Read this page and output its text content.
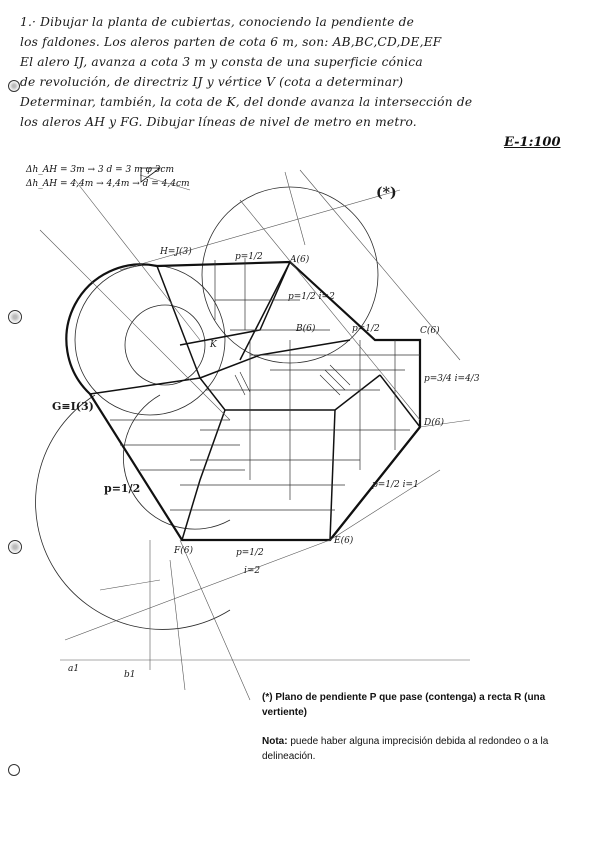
1.· Dibujar la planta de cubiertas, conociendo la pendiente de
los faldones. Los aleros parten de cota 6 m, son: AB,BC,CD,DE,EF
El alero IJ, avanza a cota 3 m y consta de una superficie cónica
de revolución, de directriz IJ y vértice V (cota a determinar)
Determinar, también, la cota de K, del donde avanza la intersección de
los aleros AH y FG. Dibujar líneas de nivel de metro en metro.
E-1:100
Δh_AH = 3m → 3 d = 3 m φ 3cm
Δh_AH = 4,4m → 4,4m → d = 4,4cm
A(6)
B(6)	C(6)
D(6)
E(6)
F(6)
H=J(3)
G≡I(3)
K
p=1/2
p=1/2 i=2
p=1/2
p=3/4 i=4/3
p=1/2 i=1
p=1/2
p=1/2
i=2
(*)
a1
b1

(*) Plano de pendiente P que pase (contenga) a recta R (una vertiente)

Nota: puede haber alguna imprecisión debida al redondeo o a la delineación.
